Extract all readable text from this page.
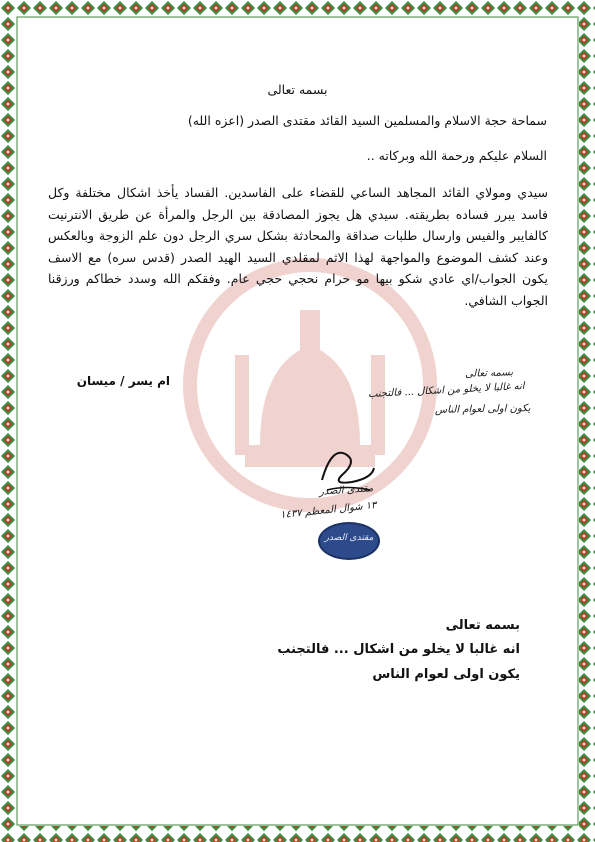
بسمه تعالى
سماحة حجة الاسلام والمسلمين السيد القائد مقتدى الصدر (اعزه الله)
السلام عليكم ورحمة الله وبركاته ..
سيدي ومولاي القائد المجاهد الساعي للقضاء على الفاسدين. الفساد يأخذ اشكال مختلفة وكل فاسد يبرر فساده بطريقته. سيدي هل يجوز المصادقة بين الرجل والمرأة عن طريق الانترنيت كالفايبر والفيس وارسال طلبات صداقة والمحادثة بشكل سري الرجل دون علم الزوجة وبالعكس وعند كشف الموضوع والمواجهة لهذا الاثم لمقلدي السيد الهيد الصدر (قدس سره) مع الاسف يكون الجواب/اي عادي شكو بيها مو حرام نحجي حجي عام. وفقكم الله وسدد خطاكم ورزقنا الجواب الشافي.
ام يسر / ميسان
بسمه تعالى
انه غالبا لا يخلو من اشكال ... فالتجنب
يكون اولى لعوام الناس
مقتدى الصدر
١٣ شوال المعظم ١٤٣٧
مقتدى الصدر
بسمه تعالى
انه غالبا لا يخلو من اشكال ... فالتجنب
يكون اولى لعوام الناس
